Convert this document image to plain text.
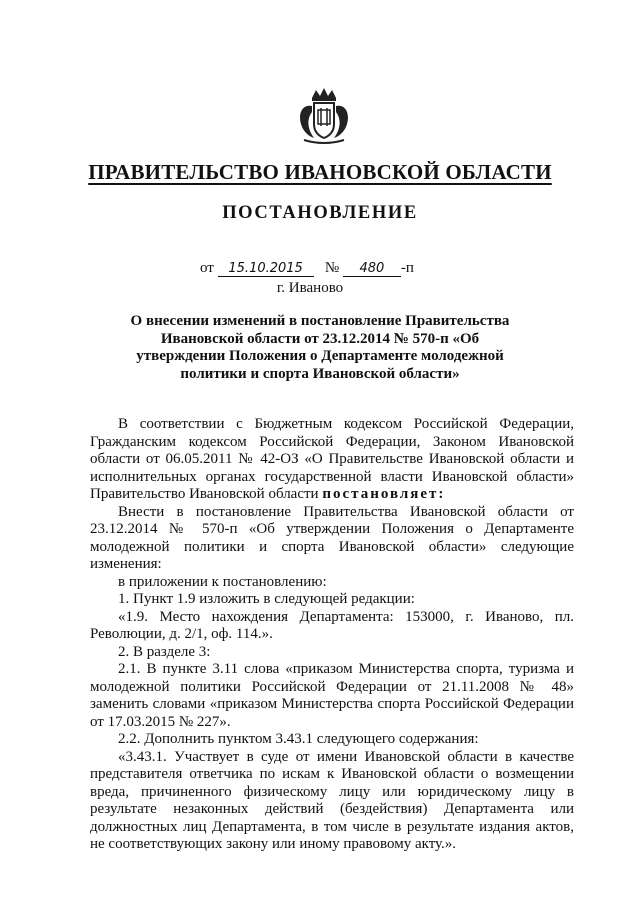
ПРАВИТЕЛЬСТВО ИВАНОВСКОЙ ОБЛАСТИ
ПОСТАНОВЛЕНИЕ
от 15.10.2015 № 480 -п
г. Иваново
О внесении изменений в постановление Правительства Ивановской области от 23.12.2014 № 570-п «Об утверждении Положения о Департаменте молодежной политики и спорта Ивановской области»

В соответствии с Бюджетным кодексом Российской Федерации, Гражданским кодексом Российской Федерации, Законом Ивановской области от 06.05.2011 № 42-ОЗ «О Правительстве Ивановской области и исполнительных органах государственной власти Ивановской области» Правительство Ивановской области постановляет:

Внести в постановление Правительства Ивановской области от 23.12.2014 № 570-п «Об утверждении Положения о Департаменте молодежной политики и спорта Ивановской области» следующие изменения:

в приложении к постановлению:

1. Пункт 1.9 изложить в следующей редакции:

«1.9. Место нахождения Департамента: 153000, г. Иваново, пл. Революции, д. 2/1, оф. 114.».

2. В разделе 3:

2.1. В пункте 3.11 слова «приказом Министерства спорта, туризма и молодежной политики Российской Федерации от 21.11.2008 № 48» заменить словами «приказом Министерства спорта Российской Федерации от 17.03.2015 № 227».

2.2. Дополнить пунктом 3.43.1 следующего содержания:

«3.43.1. Участвует в суде от имени Ивановской области в качестве представителя ответчика по искам к Ивановской области о возмещении вреда, причиненного физическому лицу или юридическому лицу в результате незаконных действий (бездействия) Департамента или должностных лиц Департамента, в том числе в результате издания актов, не соответствующих закону или иному правовому акту.».
